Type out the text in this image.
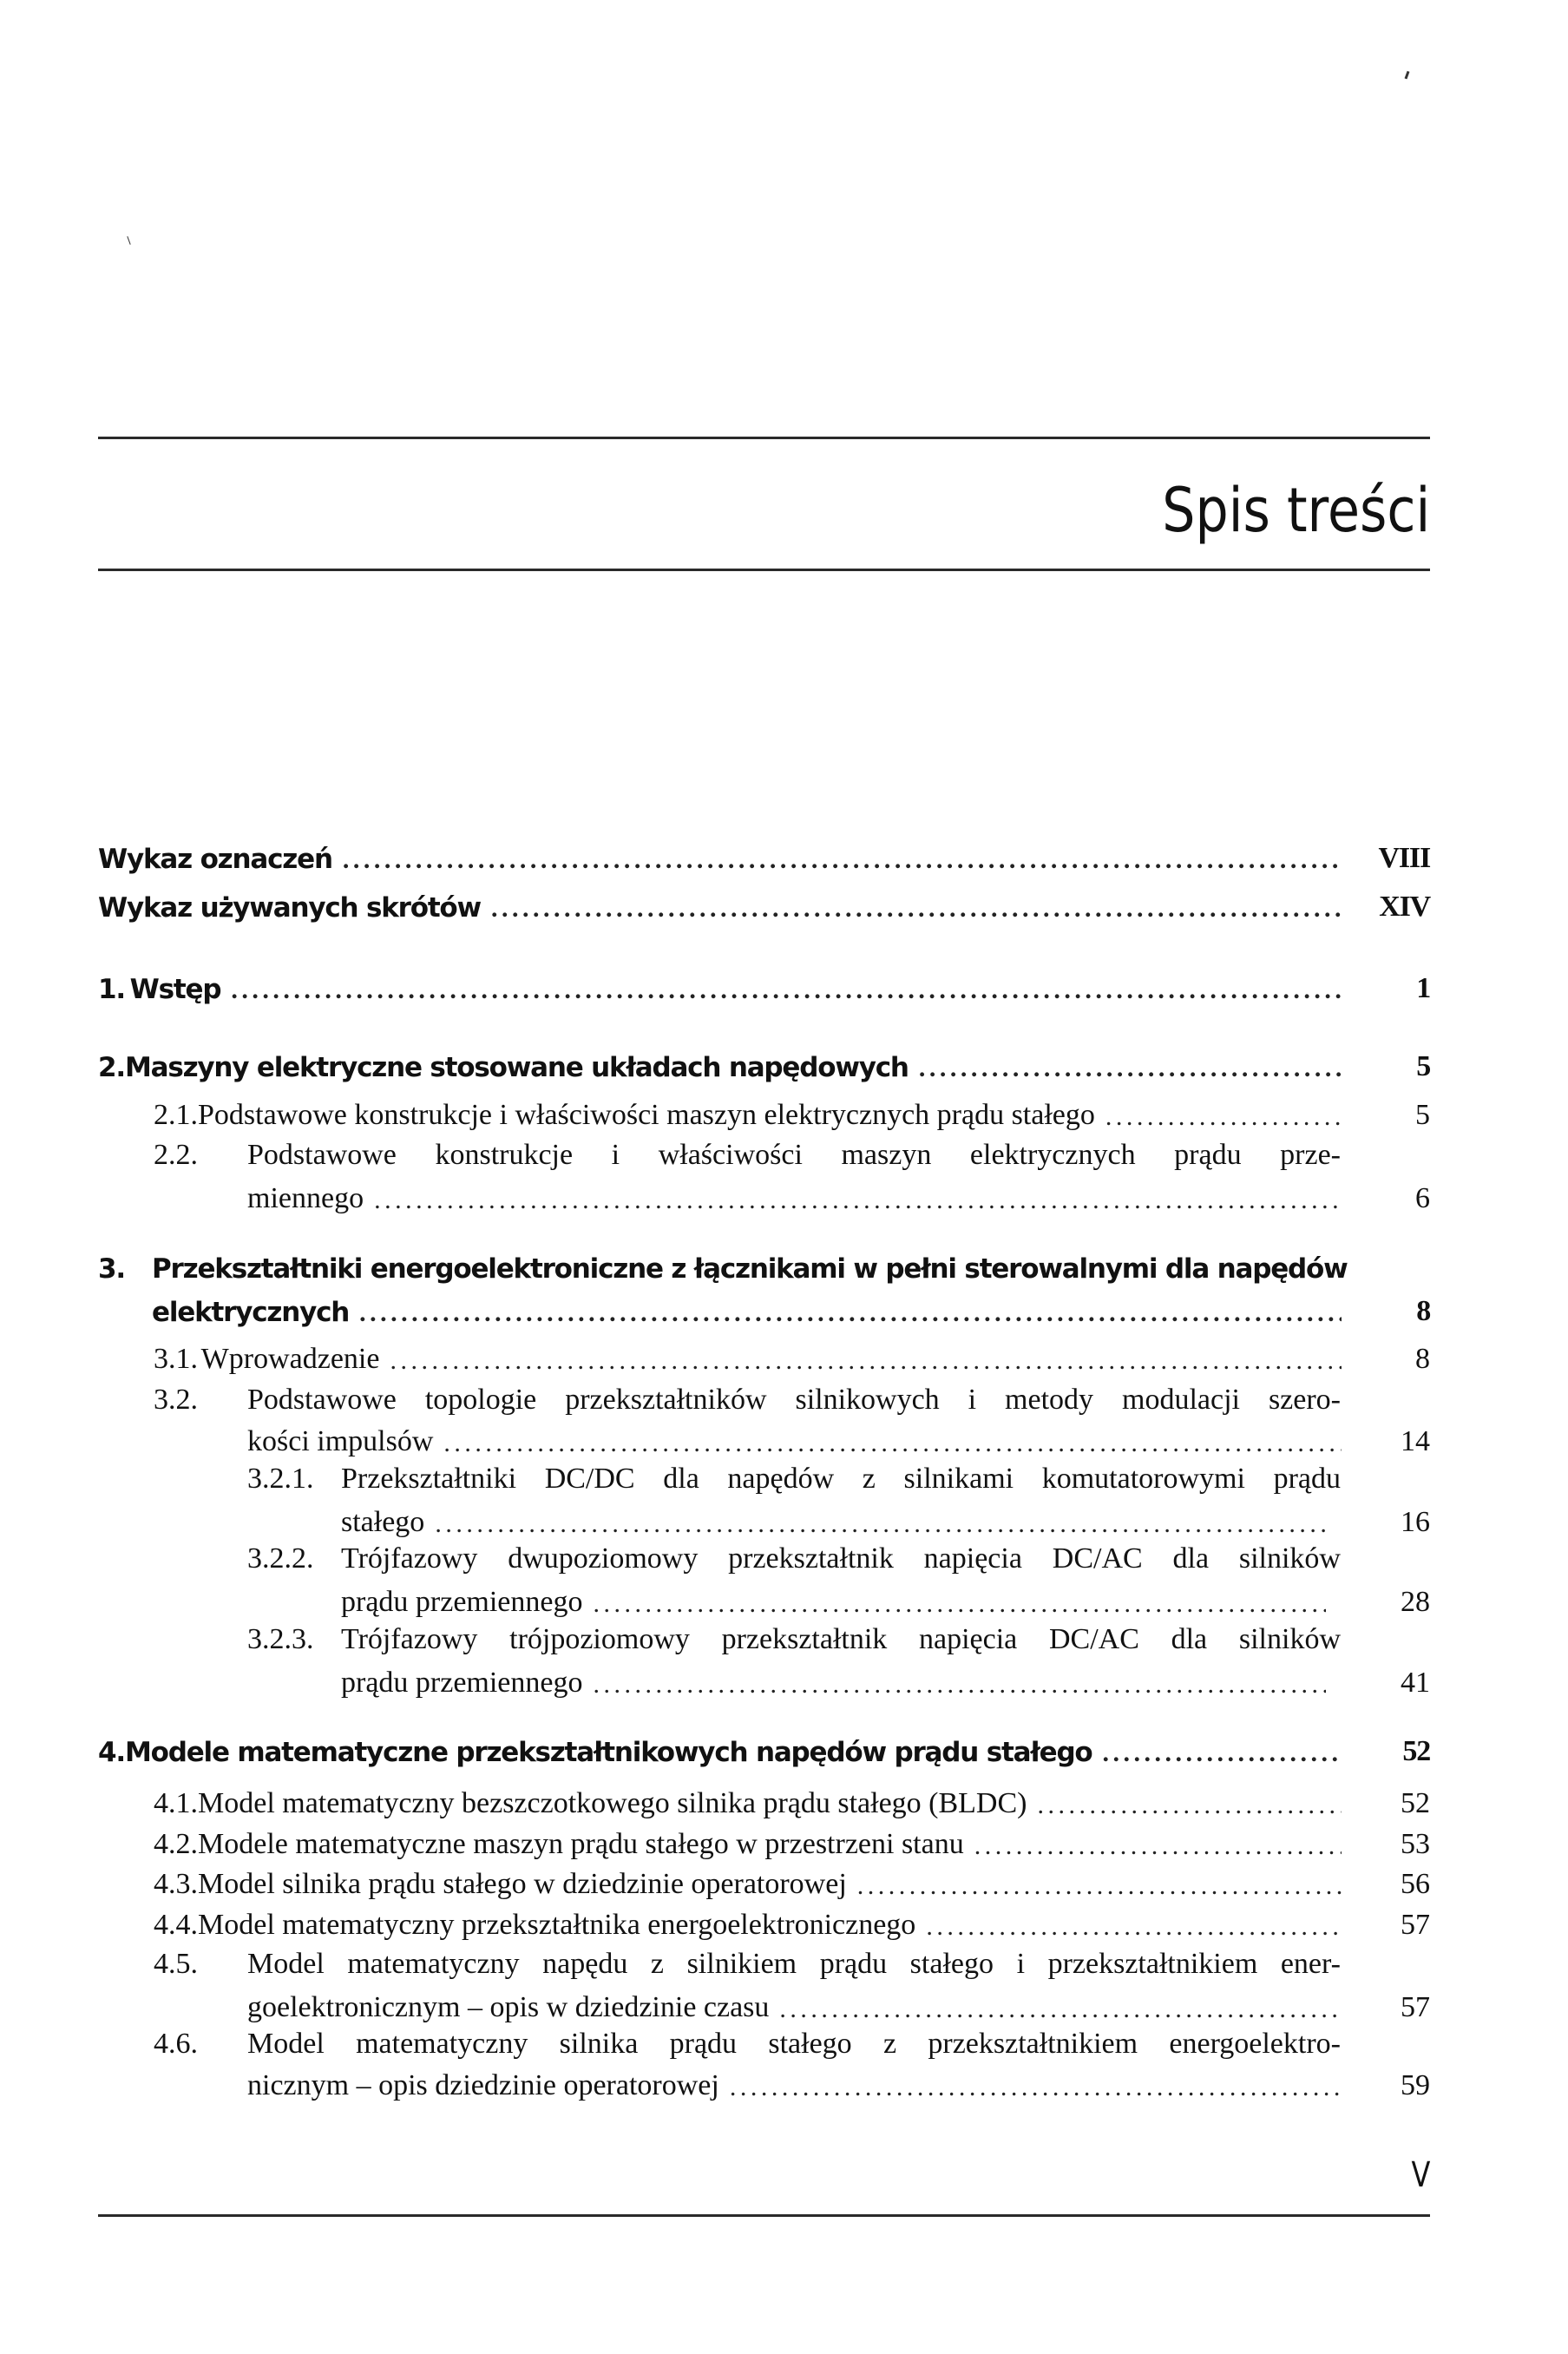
Spis treści
Wykaz oznaczeń . . .	VIII
Wykaz używanych skrótów . . .	XIV
1. Wstęp . . .	1
2. Maszyny elektryczne stosowane układach napędowych . . .	5
2.1. Podstawowe konstrukcje i właściwości maszyn elektrycznych prądu stałego . . .	5
2.2.	Podstawowe konstrukcje i właściwości maszyn elektrycznych prądu prze-
miennego . . .	6
3.	Przekształtniki energoelektroniczne z łącznikami w pełni sterowalnymi dla napędów
elektrycznych . . .	8
3.1. Wprowadzenie . . .	8
3.2.	Podstawowe topologie przekształtników silnikowych i metody modulacji szero-
kości impulsów . . .	14
3.2.1. Przekształtniki DC/DC dla napędów z silnikami komutatorowymi prądu
stałego . . .	16
3.2.2. Trójfazowy dwupoziomowy przekształtnik napięcia DC/AC dla silników
prądu przemiennego . . .	28
3.2.3. Trójfazowy trójpoziomowy przekształtnik napięcia DC/AC dla silników
prądu przemiennego . . .	41
4. Modele matematyczne przekształtnikowych napędów prądu stałego . . .	52
4.1. Model matematyczny bezszczotkowego silnika prądu stałego (BLDC) . . .	52
4.2. Modele matematyczne maszyn prądu stałego w przestrzeni stanu . . .	53
4.3. Model silnika prądu stałego w dziedzinie operatorowej . . .	56
4.4. Model matematyczny przekształtnika energoelektronicznego . . .	57
4.5.	Model matematyczny napędu z silnikiem prądu stałego i przekształtnikiem ener-
goelektronicznym – opis w dziedzinie czasu . . .	57
4.6.	Model matematyczny silnika prądu stałego z przekształtnikiem energoelektro-
nicznym – opis dziedzinie operatorowej . . .	59
V
